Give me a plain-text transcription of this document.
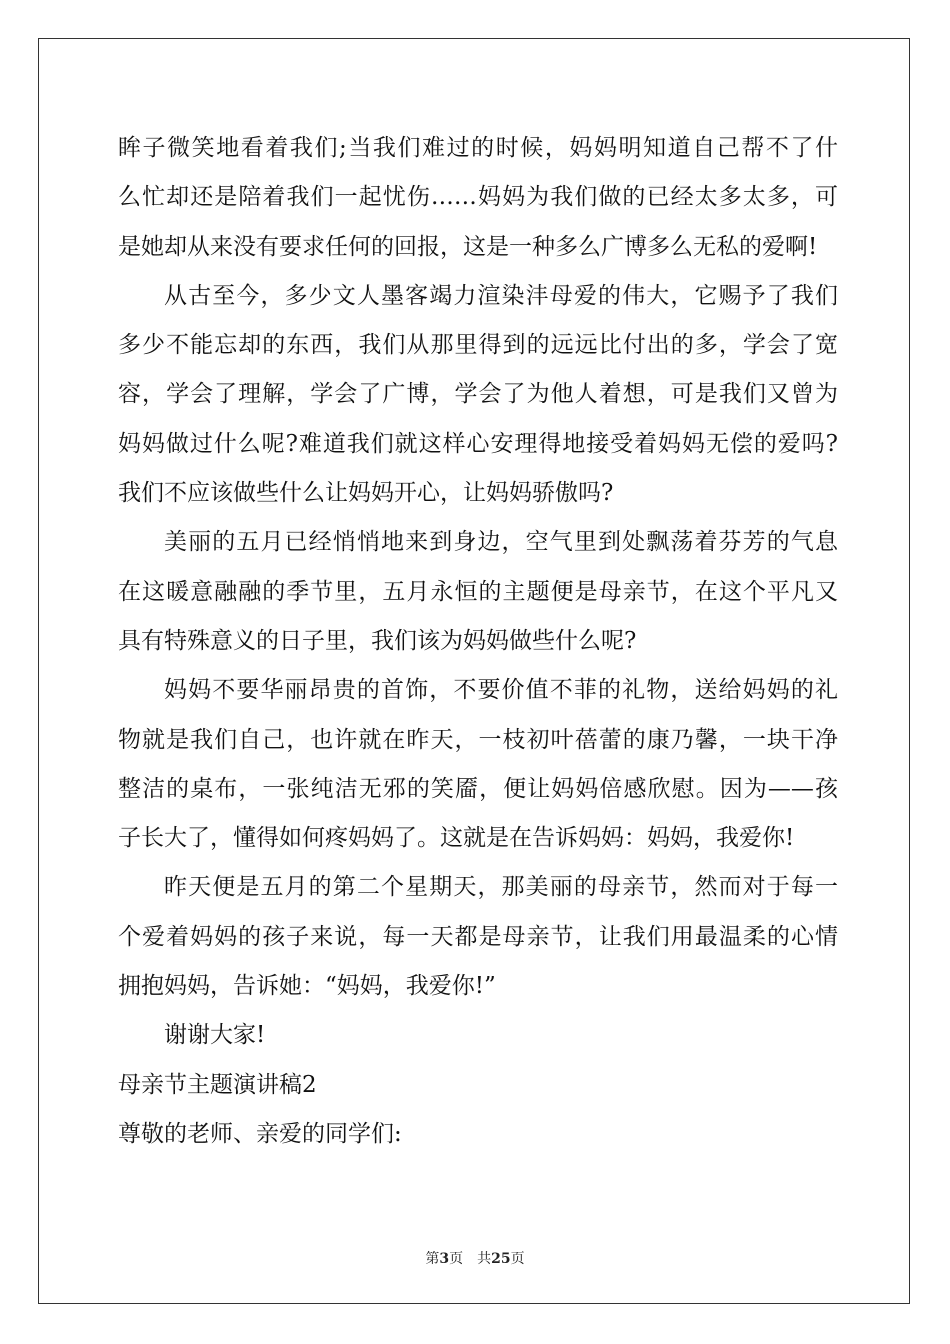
眸子微笑地看着我们;当我们难过的时候，妈妈明知道自己帮不了什
么忙却还是陪着我们一起忧伤……妈妈为我们做的已经太多太多，可
是她却从来没有要求任何的回报，这是一种多么广博多么无私的爱啊!
从古至今，多少文人墨客竭力渲染沣母爱的伟大，它赐予了我们
多少不能忘却的东西，我们从那里得到的远远比付出的多，学会了宽
容，学会了理解，学会了广博，学会了为他人着想，可是我们又曾为
妈妈做过什么呢?难道我们就这样心安理得地接受着妈妈无偿的爱吗?
我们不应该做些什么让妈妈开心，让妈妈骄傲吗?
美丽的五月已经悄悄地来到身边，空气里到处飘荡着芬芳的气息
在这暖意融融的季节里，五月永恒的主题便是母亲节，在这个平凡又
具有特殊意义的日子里，我们该为妈妈做些什么呢?
妈妈不要华丽昂贵的首饰，不要价值不菲的礼物，送给妈妈的礼
物就是我们自己，也许就在昨天，一枝初叶蓓蕾的康乃馨，一块干净
整洁的桌布，一张纯洁无邪的笑靥，便让妈妈倍感欣慰。因为——孩
子长大了，懂得如何疼妈妈了。这就是在告诉妈妈：妈妈，我爱你!
昨天便是五月的第二个星期天，那美丽的母亲节，然而对于每一
个爱着妈妈的孩子来说，每一天都是母亲节，让我们用最温柔的心情
拥抱妈妈，告诉她：“妈妈，我爱你!”
谢谢大家!
母亲节主题演讲稿2
尊敬的老师、亲爱的同学们:
第3页 共25页
